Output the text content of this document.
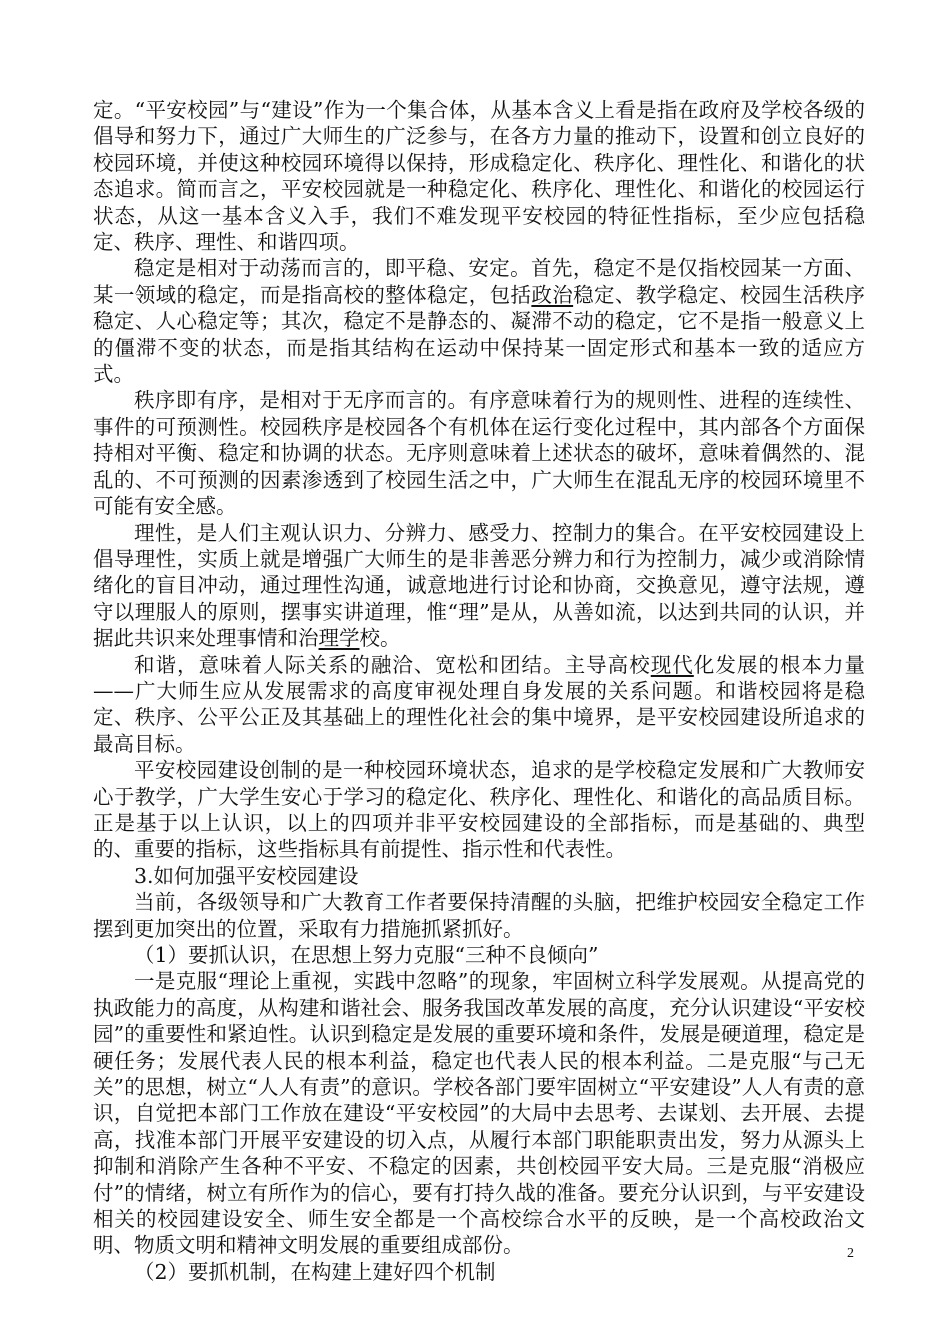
定。“平安校园”与“建设”作为一个集合体，从基本含义上看是指在政府及学校各级的倡导和努力下，通过广大师生的广泛参与，在各方力量的推动下，设置和创立良好的校园环境，并使这种校园环境得以保持，形成稳定化、秩序化、理性化、和谐化的状态追求。简而言之，平安校园就是一种稳定化、秩序化、理性化、和谐化的校园运行状态，从这一基本含义入手，我们不难发现平安校园的特征性指标，至少应包括稳定、秩序、理性、和谐四项。

稳定是相对于动荡而言的，即平稳、安定。首先，稳定不是仅指校园某一方面、某一领域的稳定，而是指高校的整体稳定，包括政治稳定、教学稳定、校园生活秩序稳定、人心稳定等；其次，稳定不是静态的、凝滞不动的稳定，它不是指一般意义上的僵滞不变的状态，而是指其结构在运动中保持某一固定形式和基本一致的适应方式。

秩序即有序，是相对于无序而言的。有序意味着行为的规则性、进程的连续性、事件的可预测性。校园秩序是校园各个有机体在运行变化过程中，其内部各个方面保持相对平衡、稳定和协调的状态。无序则意味着上述状态的破坏，意味着偶然的、混乱的、不可预测的因素渗透到了校园生活之中，广大师生在混乱无序的校园环境里不可能有安全感。

理性，是人们主观认识力、分辨力、感受力、控制力的集合。在平安校园建设上倡导理性，实质上就是增强广大师生的是非善恶分辨力和行为控制力，减少或消除情绪化的盲目冲动，通过理性沟通，诚意地进行讨论和协商，交换意见，遵守法规，遵守以理服人的原则，摆事实讲道理，惟“理”是从，从善如流，以达到共同的认识，并据此共识来处理事情和治理学校。

和谐，意味着人际关系的融洽、宽松和团结。主导高校现代化发展的根本力量——广大师生应从发展需求的高度审视处理自身发展的关系问题。和谐校园将是稳定、秩序、公平公正及其基础上的理性化社会的集中境界，是平安校园建设所追求的最高目标。

平安校园建设创制的是一种校园环境状态，追求的是学校稳定发展和广大教师安心于教学，广大学生安心于学习的稳定化、秩序化、理性化、和谐化的高品质目标。正是基于以上认识，以上的四项并非平安校园建设的全部指标，而是基础的、典型的、重要的指标，这些指标具有前提性、指示性和代表性。

3.如何加强平安校园建设

当前，各级领导和广大教育工作者要保持清醒的头脑，把维护校园安全稳定工作摆到更加突出的位置，采取有力措施抓紧抓好。

（1）要抓认识，在思想上努力克服“三种不良倾向”

一是克服“理论上重视，实践中忽略”的现象，牢固树立科学发展观。从提高党的执政能力的高度，从构建和谐社会、服务我国改革发展的高度，充分认识建设“平安校园”的重要性和紧迫性。认识到稳定是发展的重要环境和条件，发展是硬道理，稳定是硬任务；发展代表人民的根本利益，稳定也代表人民的根本利益。二是克服“与己无关”的思想，树立“人人有责”的意识。学校各部门要牢固树立“平安建设”人人有责的意识，自觉把本部门工作放在建设“平安校园”的大局中去思考、去谋划、去开展、去提高，找准本部门开展平安建设的切入点，从履行本部门职能职责出发，努力从源头上抑制和消除产生各种不平安、不稳定的因素，共创校园平安大局。三是克服“消极应付”的情绪，树立有所作为的信心，要有打持久战的准备。要充分认识到，与平安建设相关的校园建设安全、师生安全都是一个高校综合水平的反映，是一个高校政治文明、物质文明和精神文明发展的重要组成部份。

（2）要抓机制，在构建上建好四个机制

2
